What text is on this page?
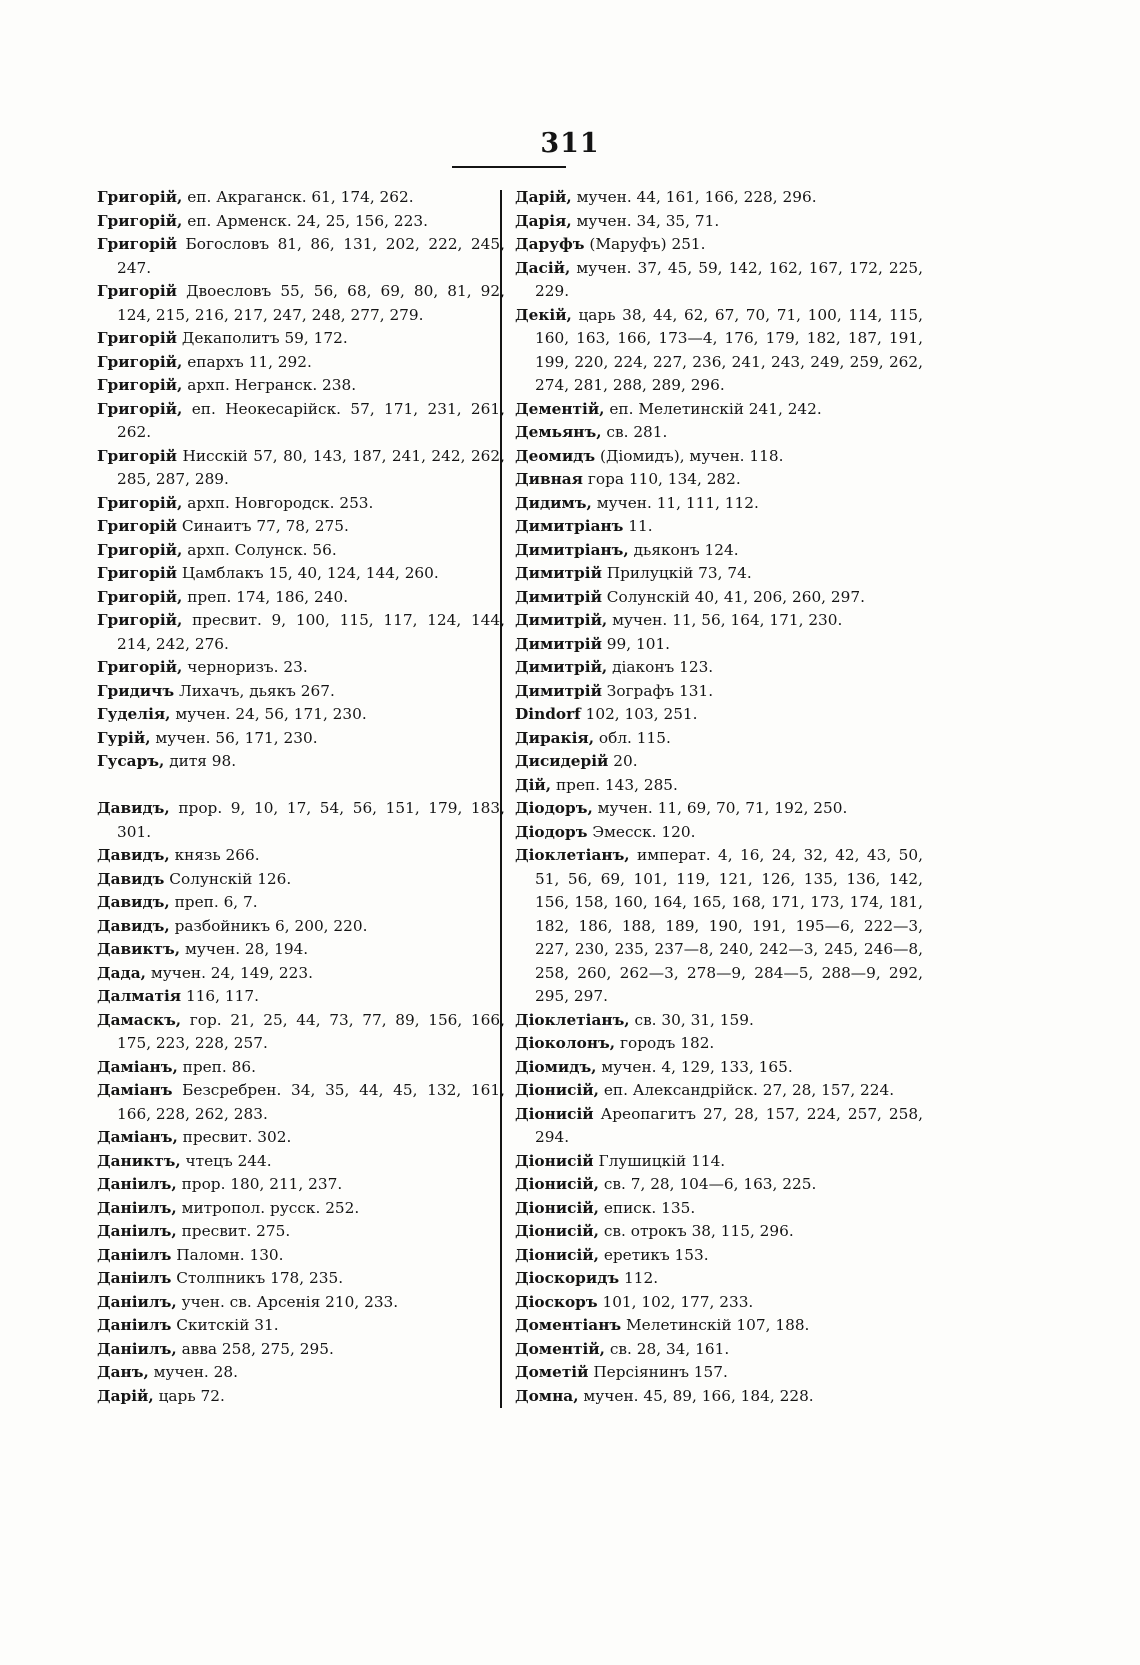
311
Григорій, еп. Акраганск. 61, 174, 262.
Григорій, еп. Арменск. 24, 25, 156, 223.
Григорій Богословъ 81, 86, 131, 202, 222, 245, 247.
Григорій Двоесловъ 55, 56, 68, 69, 80, 81, 92, 124, 215, 216, 217, 247, 248, 277, 279.
Григорій Декаполитъ 59, 172.
Григорій, епархъ 11, 292.
Григорій, архп. Негранск. 238.
Григорій, еп. Неокесарійск. 57, 171, 231, 261, 262.
Григорій Нисскій 57, 80, 143, 187, 241, 242, 262, 285, 287, 289.
Григорій, архп. Новгородск. 253.
Григорій Синаитъ 77, 78, 275.
Григорій, архп. Солунск. 56.
Григорій Цамблакъ 15, 40, 124, 144, 260.
Григорій, преп. 174, 186, 240.
Григорій, пресвит. 9, 100, 115, 117, 124, 144, 214, 242, 276.
Григорій, черноризъ. 23.
Гридичъ Лихачъ, дьякъ 267.
Гуделія, мучен. 24, 56, 171, 230.
Гурій, мучен. 56, 171, 230.
Гусаръ, дитя 98.
Давидъ, прор. 9, 10, 17, 54, 56, 151, 179, 183, 301.
Давидъ, князь 266.
Давидъ Солунскій 126.
Давидъ, преп. 6, 7.
Давидъ, разбойникъ 6, 200, 220.
Давиктъ, мучен. 28, 194.
Дада, мучен. 24, 149, 223.
Далматія 116, 117.
Дамаскъ, гор. 21, 25, 44, 73, 77, 89, 156, 166, 175, 223, 228, 257.
Даміанъ, преп. 86.
Даміанъ Безсребрен. 34, 35, 44, 45, 132, 161, 166, 228, 262, 283.
Даміанъ, пресвит. 302.
Даниктъ, чтецъ 244.
Даніилъ, прор. 180, 211, 237.
Даніилъ, митропол. русск. 252.
Даніилъ, пресвит. 275.
Даніилъ Паломн. 130.
Даніилъ Столпникъ 178, 235.
Даніилъ, учен. св. Арсенія 210, 233.
Даніилъ Скитскій 31.
Даніилъ, авва 258, 275, 295.
Данъ, мучен. 28.
Дарій, царь 72.
Дарій, мучен. 44, 161, 166, 228, 296.
Дарія, мучен. 34, 35, 71.
Даруфъ (Маруфъ) 251.
Дасій, мучен. 37, 45, 59, 142, 162, 167, 172, 225, 229.
Декій, царь 38, 44, 62, 67, 70, 71, 100, 114, 115, 160, 163, 166, 173—4, 176, 179, 182, 187, 191, 199, 220, 224, 227, 236, 241, 243, 249, 259, 262, 274, 281, 288, 289, 296.
Дементій, еп. Мелетинскій 241, 242.
Демьянъ, св. 281.
Деомидъ (Діомидъ), мучен. 118.
Дивная гора 110, 134, 282.
Дидимъ, мучен. 11, 111, 112.
Димитріанъ 11.
Димитріанъ, дьяконъ 124.
Димитрій Прилуцкій 73, 74.
Димитрій Солунскій 40, 41, 206, 260, 297.
Димитрій, мучен. 11, 56, 164, 171, 230.
Димитрій 99, 101.
Димитрій, діаконъ 123.
Димитрій Зографъ 131.
Dindorf 102, 103, 251.
Диракія, обл. 115.
Дисидерій 20.
Дій, преп. 143, 285.
Діодоръ, мучен. 11, 69, 70, 71, 192, 250.
Діодоръ Эмесск. 120.
Діоклетіанъ, императ. 4, 16, 24, 32, 42, 43, 50, 51, 56, 69, 101, 119, 121, 126, 135, 136, 142, 156, 158, 160, 164, 165, 168, 171, 173, 174, 181, 182, 186, 188, 189, 190, 191, 195—6, 222—3, 227, 230, 235, 237—8, 240, 242—3, 245, 246—8, 258, 260, 262—3, 278—9, 284—5, 288—9, 292, 295, 297.
Діоклетіанъ, св. 30, 31, 159.
Діоколонъ, городъ 182.
Діомидъ, мучен. 4, 129, 133, 165.
Діонисій, еп. Александрійск. 27, 28, 157, 224.
Діонисій Ареопагитъ 27, 28, 157, 224, 257, 258, 294.
Діонисій Глушицкій 114.
Діонисій, св. 7, 28, 104—6, 163, 225.
Діонисій, еписк. 135.
Діонисій, св. отрокъ 38, 115, 296.
Діонисій, еретикъ 153.
Діоскоридъ 112.
Діоскоръ 101, 102, 177, 233.
Доментіанъ Мелетинскій 107, 188.
Доментій, св. 28, 34, 161.
Дометій Персіянинъ 157.
Домна, мучен. 45, 89, 166, 184, 228.
